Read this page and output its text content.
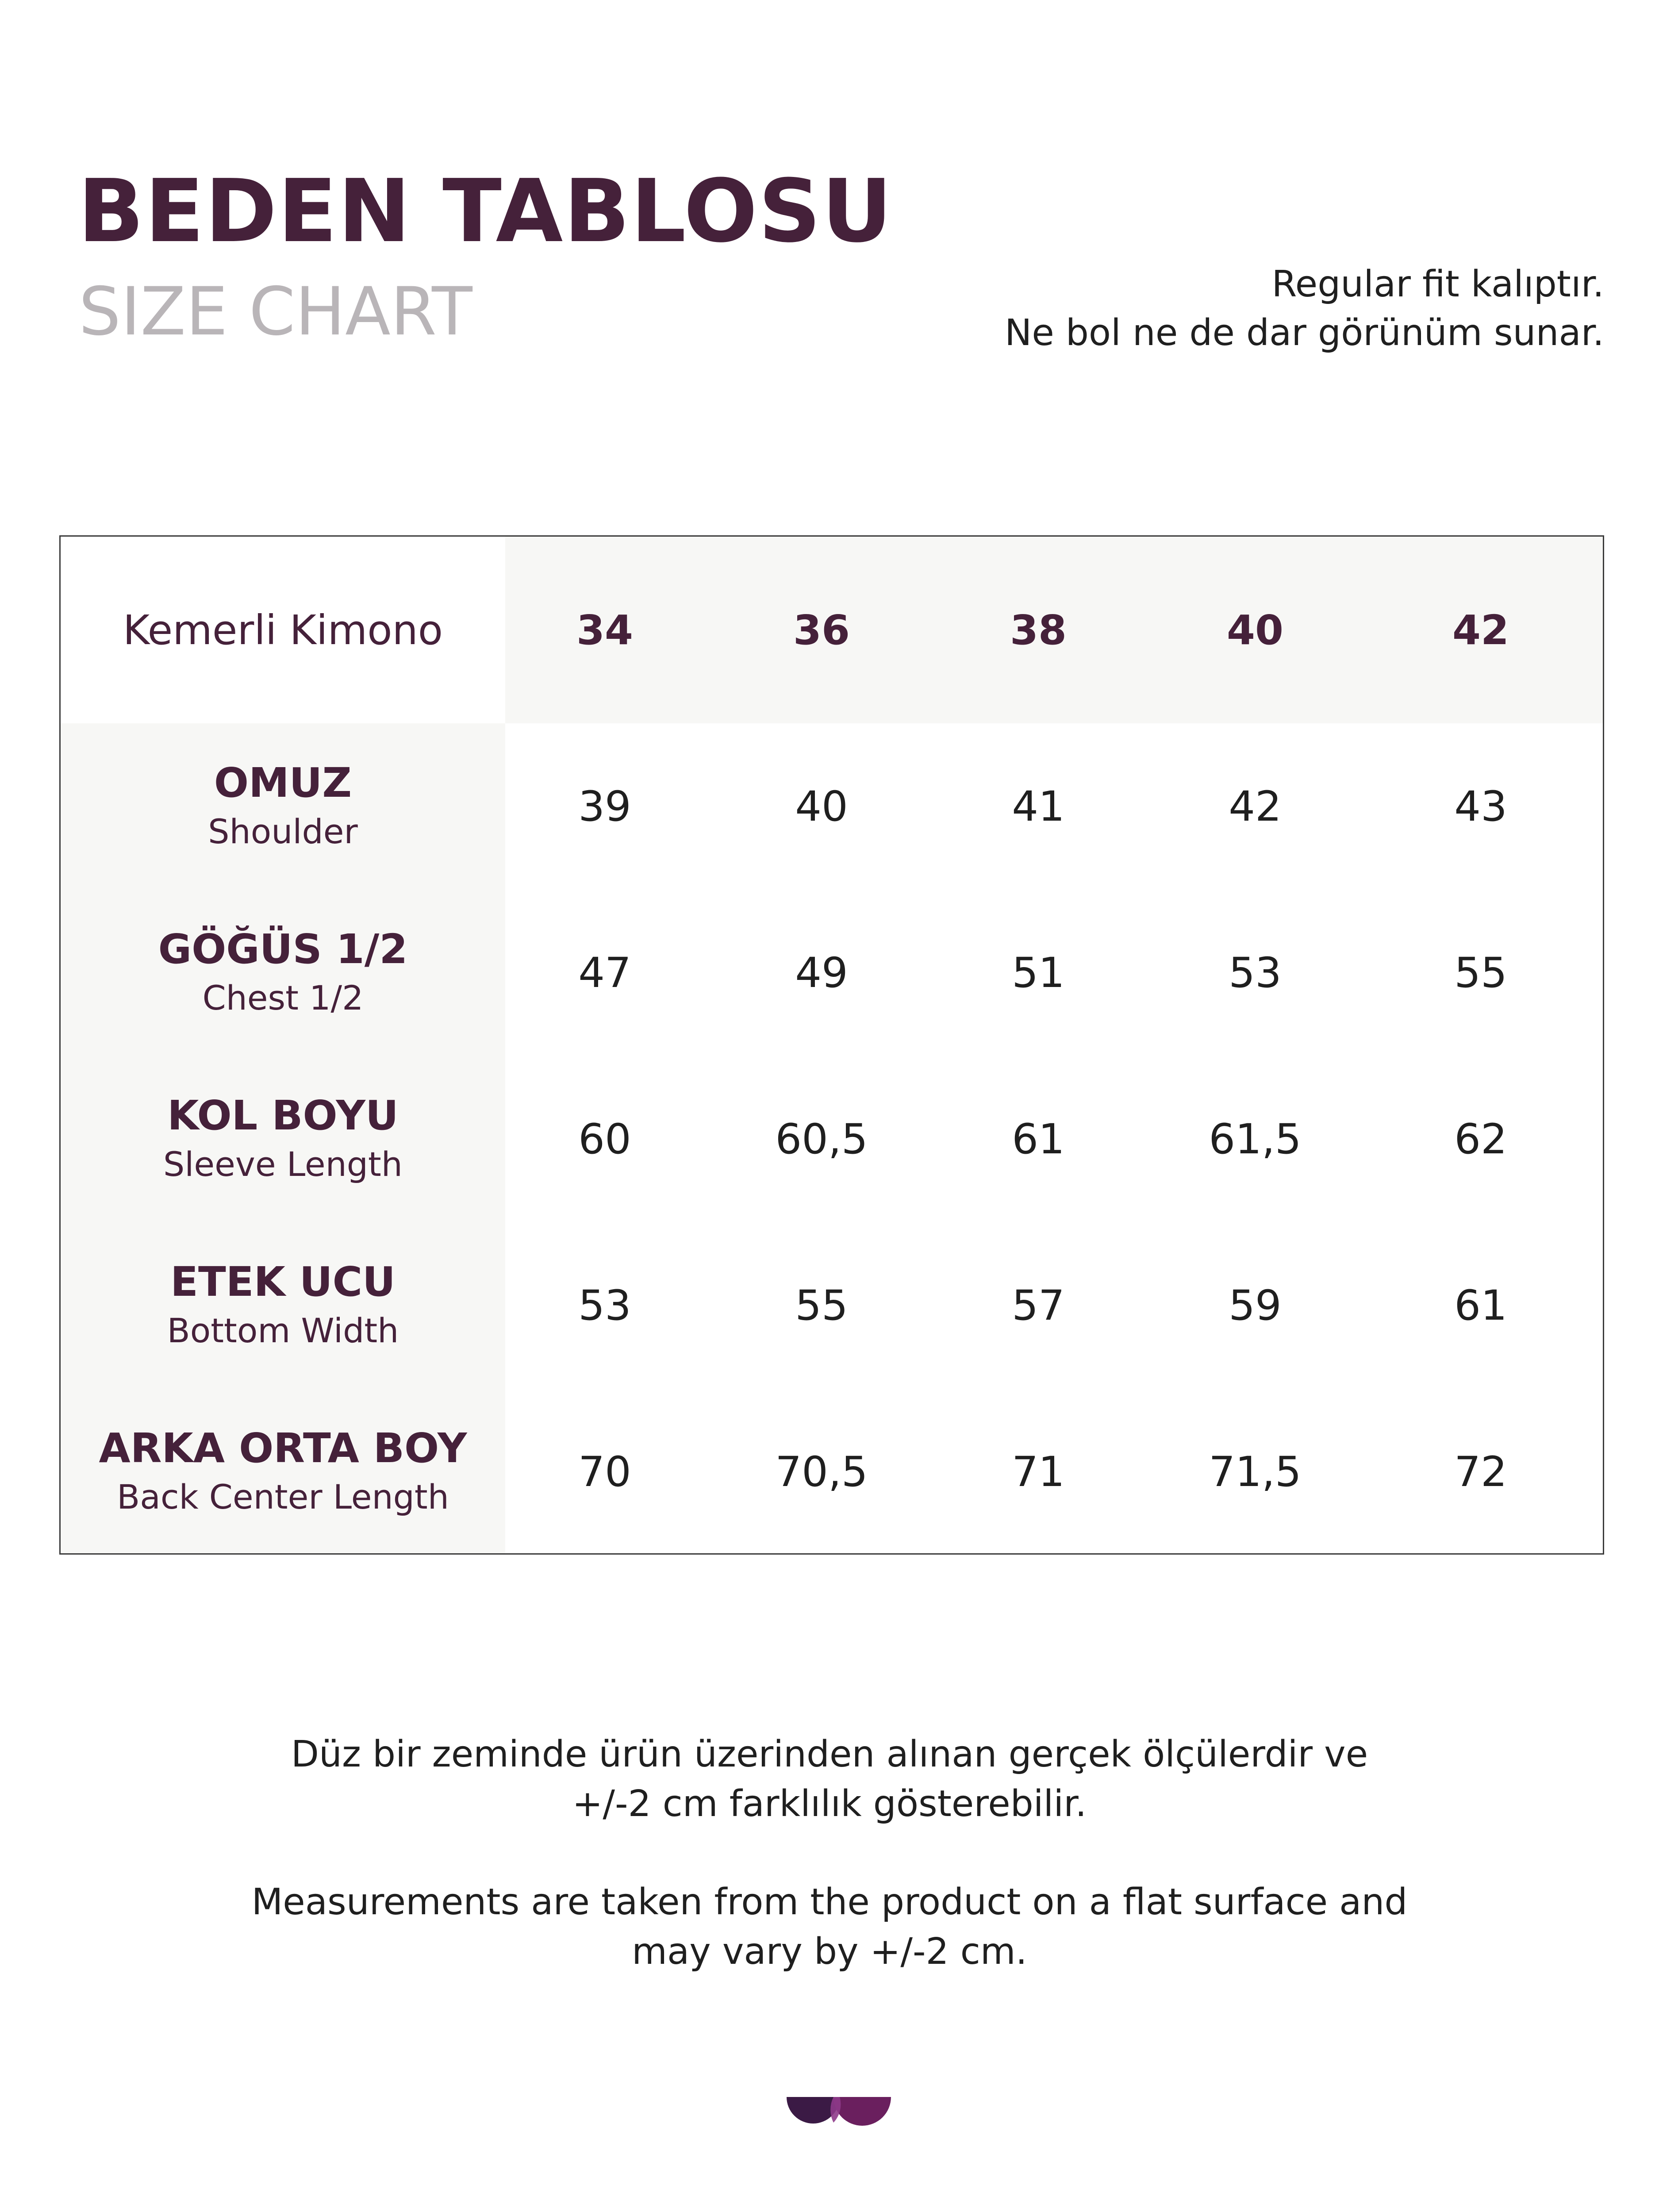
BEDEN TABLOSU
SIZE CHART	Regular fit kalıptır.
Ne bol ne de dar görünüm sunar.
Kemerli Kimono	34	36	38	40	42
OMUZ
Shoulder
39	40	41	42	43
GÖĞÜS 1/2
Chest 1/2
47	49	51	53	55
KOL BOYU
Sleeve Length
60	60,5	61	61,5	62
ETEK UCU
Bottom Width
53	55	57	59	61
ARKA ORTA BOY
Back Center Length
70	70,5	71	71,5	72

Düz bir zeminde ürün üzerinden alınan gerçek ölçülerdir ve

+/-2 cm farklılık gösterebilir.

Measurements are taken from the product on a flat surface and

may vary by +/-2 cm.
